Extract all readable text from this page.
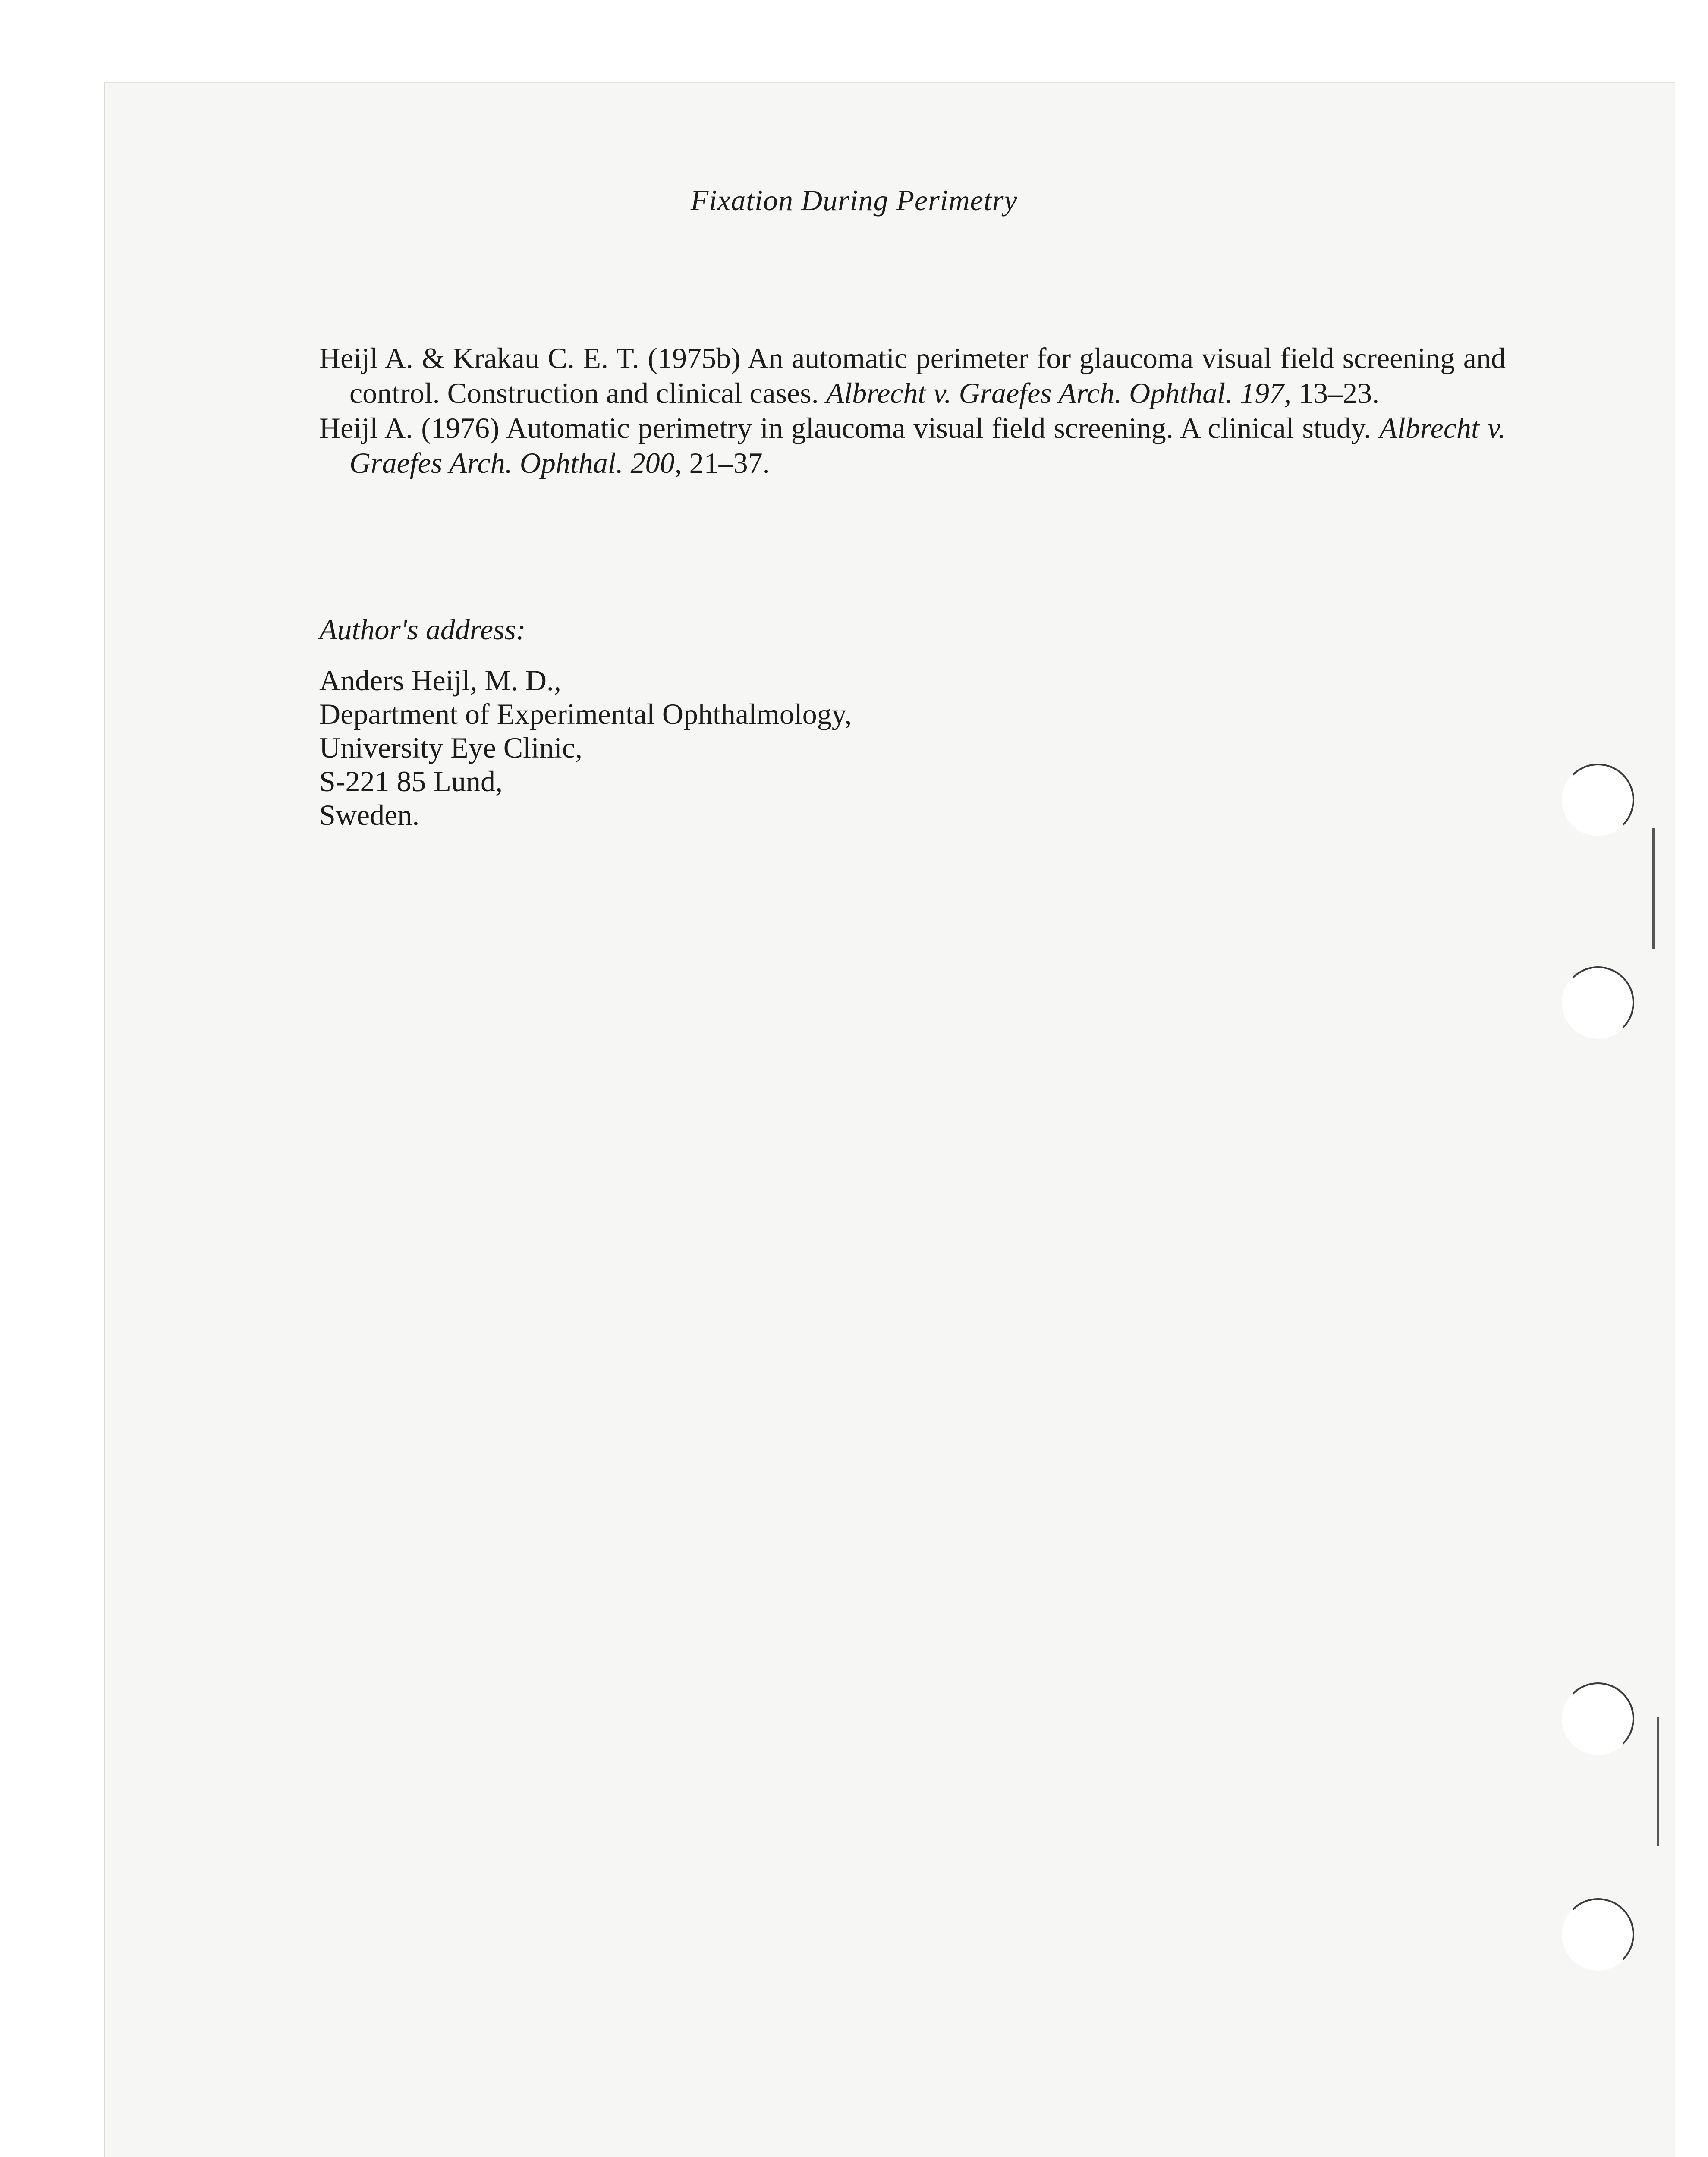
Fixation During Perimetry

Heijl A. & Krakau C. E. T. (1975b) An automatic perimeter for glaucoma visual field screening and control. Construction and clinical cases. Albrecht v. Graefes Arch. Ophthal. 197, 13–23.

Heijl A. (1976) Automatic perimetry in glaucoma visual field screening. A clinical study. Albrecht v. Graefes Arch. Ophthal. 200, 21–37.

Author's address:
Anders Heijl, M. D.,
Department of Experimental Ophthalmology,
University Eye Clinic,
S-221 85 Lund,
Sweden.
